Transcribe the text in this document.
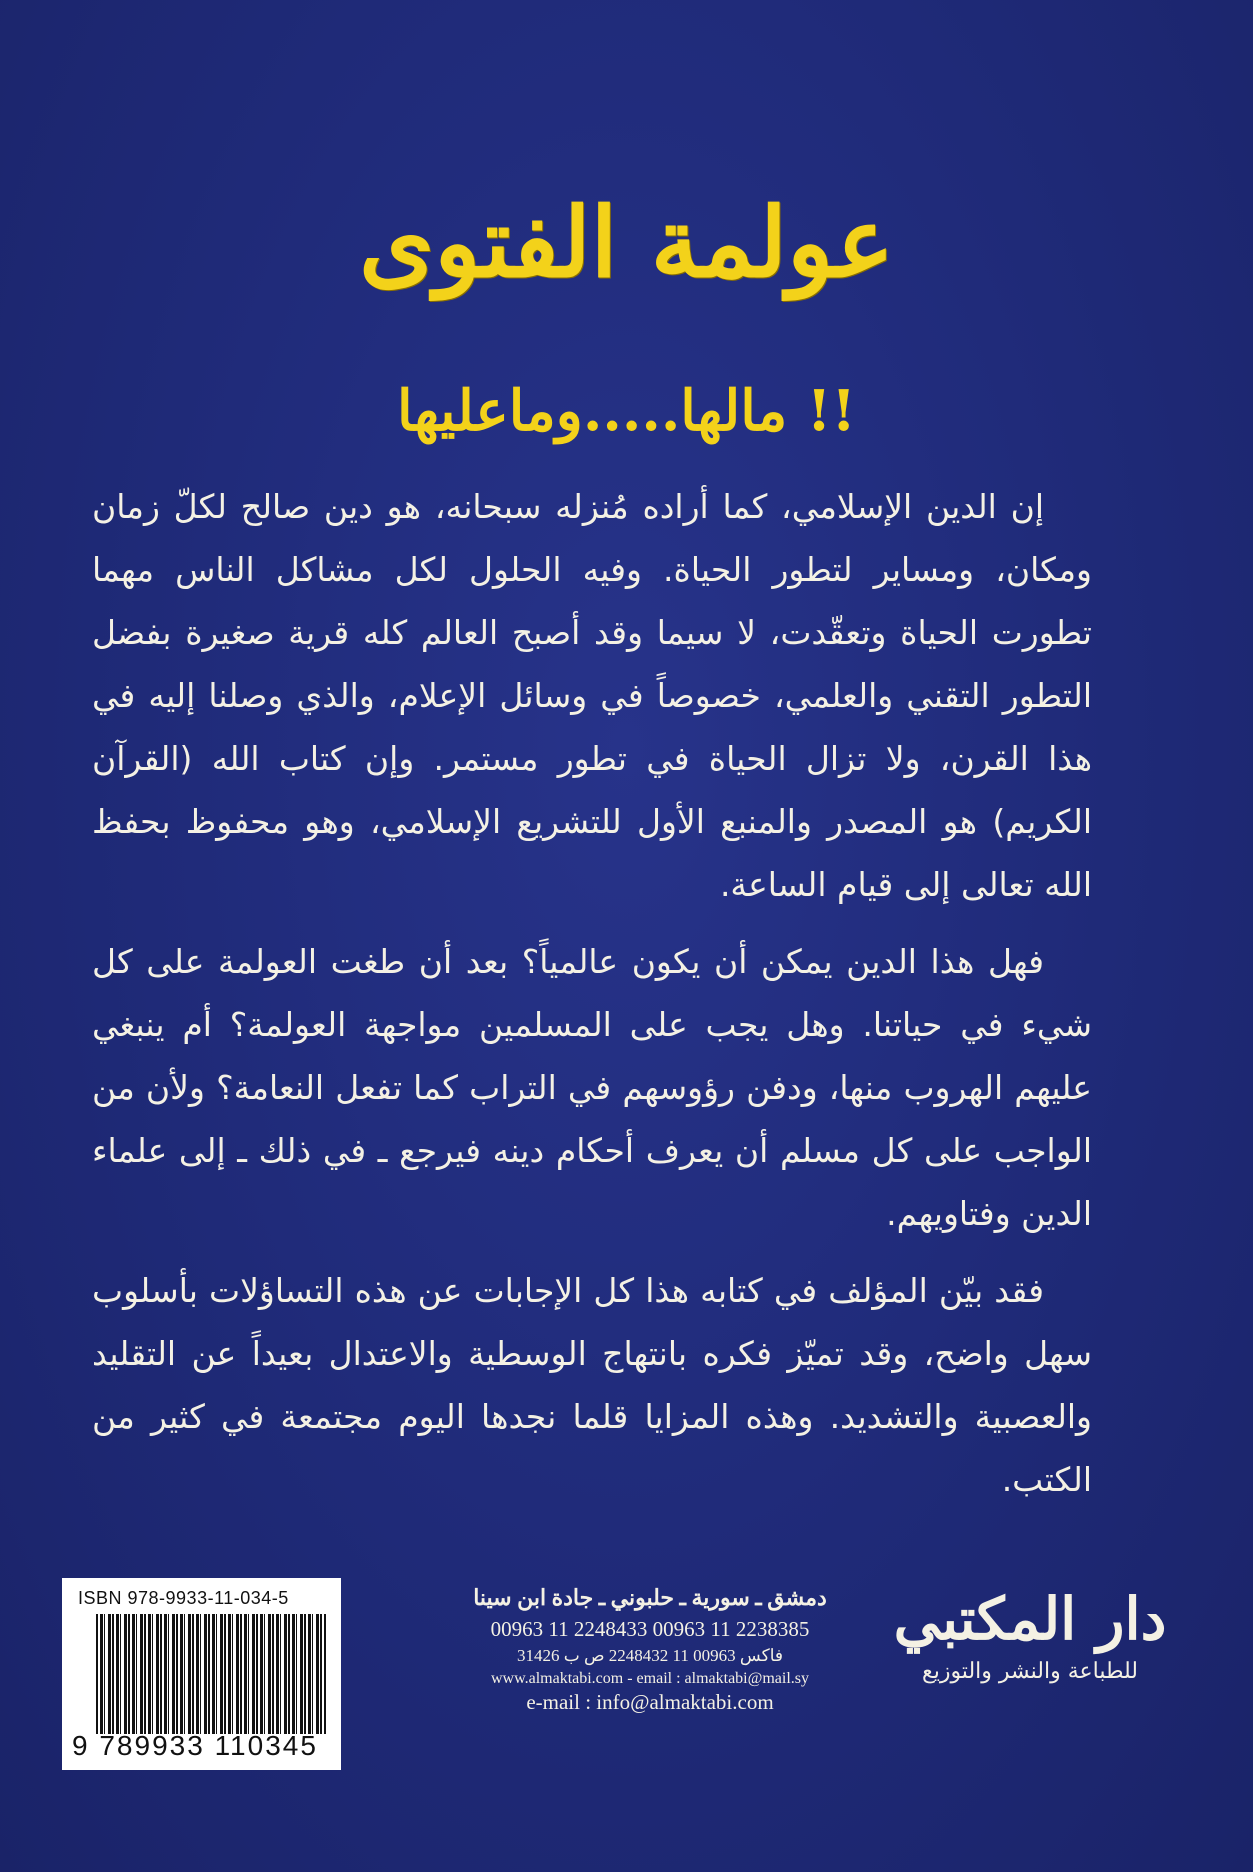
عولمة الفتوى
مالها.....وماعليها !!

إن الدين الإسلامي، كما أراده مُنزله سبحانه، هو دين صالح لكلّ زمان ومكان، ومساير لتطور الحياة. وفيه الحلول لكل مشاكل الناس مهما تطورت الحياة وتعقّدت، لا سيما وقد أصبح العالم كله قرية صغيرة بفضل التطور التقني والعلمي، خصوصاً في وسائل الإعلام، والذي وصلنا إليه في هذا القرن، ولا تزال الحياة في تطور مستمر. وإن كتاب الله (القرآن الكريم) هو المصدر والمنبع الأول للتشريع الإسلامي، وهو محفوظ بحفظ الله تعالى إلى قيام الساعة.

فهل هذا الدين يمكن أن يكون عالمياً؟ بعد أن طغت العولمة على كل شيء في حياتنا. وهل يجب على المسلمين مواجهة العولمة؟ أم ينبغي عليهم الهروب منها، ودفن رؤوسهم في التراب كما تفعل النعامة؟ ولأن من الواجب على كل مسلم أن يعرف أحكام دينه فيرجع ـ في ذلك ـ إلى علماء الدين وفتاويهم.

فقد بيّن المؤلف في كتابه هذا كل الإجابات عن هذه التساؤلات بأسلوب سهل واضح، وقد تميّز فكره بانتهاج الوسطية والاعتدال بعيداً عن التقليد والعصبية والتشديد. وهذه المزايا قلما نجدها اليوم مجتمعة في كثير من الكتب.

ISBN 978-9933-11-034-5
9 789933 110345
دمشق ـ سورية ـ حلبوني ـ جادة ابن سينا
00963 11 2248433 00963 11 2238385
فاكس 00963 11 2248432 ص ب 31426
www.almaktabi.com - email : almaktabi@mail.sy
e-mail : info@almaktabi.com
دار المكتبي
للطباعة والنشر والتوزيع
